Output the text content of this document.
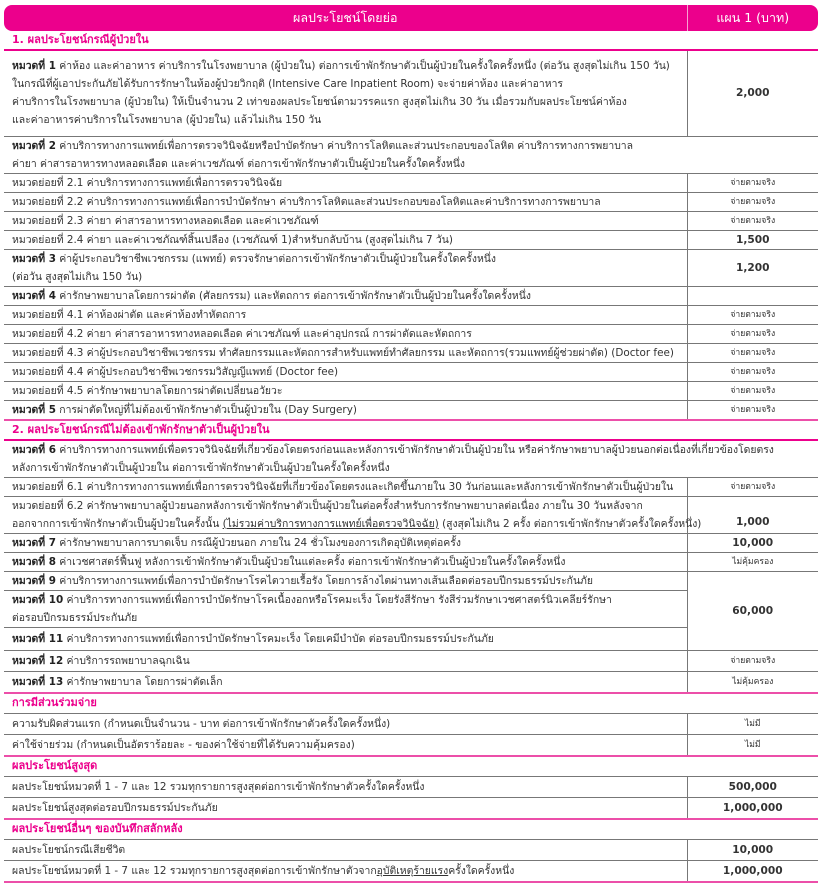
ผลประโยชน์โดยย่อ	แผน 1 (บาท)
1. ผลประโยชน์กรณีผู้ป่วยใน	
หมวดที่ 1 ค่าห้อง และค่าอาหาร ค่าบริการในโรงพยาบาล (ผู้ป่วยใน) ต่อการเข้าพักรักษาตัวเป็นผู้ป่วยในครั้งใดครั้งหนึ่ง (ต่อวัน สูงสุดไม่เกิน 150 วัน)
ในกรณีที่ผู้เอาประกันภัยได้รับการรักษาในห้องผู้ป่วยวิกฤติ (Intensive Care Inpatient Room) จะจ่ายค่าห้อง และค่าอาหาร
ค่าบริการในโรงพยาบาล (ผู้ป่วยใน) ให้เป็นจำนวน 2 เท่าของผลประโยชน์ตามวรรคแรก สูงสุดไม่เกิน 30 วัน เมื่อรวมกับผลประโยชน์ค่าห้อง
และค่าอาหารค่าบริการในโรงพยาบาล (ผู้ป่วยใน) แล้วไม่เกิน 150 วัน	2,000
หมวดที่ 2 ค่าบริการทางการแพทย์เพื่อการตรวจวินิจฉัยหรือบำบัดรักษา ค่าบริการโลหิตและส่วนประกอบของโลหิต ค่าบริการทางการพยาบาล
ค่ายา ค่าสารอาหารทางหลอดเลือด และค่าเวชภัณฑ์ ต่อการเข้าพักรักษาตัวเป็นผู้ป่วยในครั้งใดครั้งหนึ่ง	
หมวดย่อยที่ 2.1 ค่าบริการทางการแพทย์เพื่อการตรวจวินิจฉัย	จ่ายตามจริง
หมวดย่อยที่ 2.2 ค่าบริการทางการแพทย์เพื่อการบำบัดรักษา ค่าบริการโลหิตและส่วนประกอบของโลหิตและค่าบริการทางการพยาบาล	จ่ายตามจริง
หมวดย่อยที่ 2.3 ค่ายา ค่าสารอาหารทางหลอดเลือด และค่าเวชภัณฑ์	จ่ายตามจริง
หมวดย่อยที่ 2.4 ค่ายา และค่าเวชภัณฑ์สิ้นเปลือง (เวชภัณฑ์ 1)สำหรับกลับบ้าน (สูงสุดไม่เกิน 7 วัน)	1,500
หมวดที่ 3 ค่าผู้ประกอบวิชาชีพเวชกรรม (แพทย์) ตรวจรักษาต่อการเข้าพักรักษาตัวเป็นผู้ป่วยในครั้งใดครั้งหนึ่ง
(ต่อวัน สูงสุดไม่เกิน 150 วัน)	1,200
หมวดที่ 4 ค่ารักษาพยาบาลโดยการผ่าตัด (ศัลยกรรม) และหัตถการ ต่อการเข้าพักรักษาตัวเป็นผู้ป่วยในครั้งใดครั้งหนึ่ง	
หมวดย่อยที่ 4.1 ค่าห้องผ่าตัด และค่าห้องทำหัตถการ	จ่ายตามจริง
หมวดย่อยที่ 4.2 ค่ายา ค่าสารอาหารทางหลอดเลือด ค่าเวชภัณฑ์ และค่าอุปกรณ์ การผ่าตัดและหัตถการ	จ่ายตามจริง
หมวดย่อยที่ 4.3 ค่าผู้ประกอบวิชาชีพเวชกรรม ทำศัลยกรรมและหัตถการสำหรับแพทย์ทำศัลยกรรม และหัตถการ(รวมแพทย์ผู้ช่วยผ่าตัด) (Doctor fee)	จ่ายตามจริง
หมวดย่อยที่ 4.4 ค่าผู้ประกอบวิชาชีพเวชกรรมวิสัญญีแพทย์ (Doctor fee)	จ่ายตามจริง
หมวดย่อยที่ 4.5 ค่ารักษาพยาบาลโดยการผ่าตัดเปลี่ยนอวัยวะ	จ่ายตามจริง
หมวดที่ 5 การผ่าตัดใหญ่ที่ไม่ต้องเข้าพักรักษาตัวเป็นผู้ป่วยใน (Day Surgery)	จ่ายตามจริง
2. ผลประโยชน์กรณีไม่ต้องเข้าพักรักษาตัวเป็นผู้ป่วยใน	
หมวดที่ 6 ค่าบริการทางการแพทย์เพื่อตรวจวินิจฉัยที่เกี่ยวข้องโดยตรงก่อนและหลังการเข้าพักรักษาตัวเป็นผู้ป่วยใน หรือค่ารักษาพยาบาลผู้ป่วยนอกต่อเนื่องที่เกี่ยวข้องโดยตรง
หลังการเข้าพักรักษาตัวเป็นผู้ป่วยใน ต่อการเข้าพักรักษาตัวเป็นผู้ป่วยในครั้งใดครั้งหนึ่ง	
หมวดย่อยที่ 6.1 ค่าบริการทางการแพทย์เพื่อการตรวจวินิจฉัยที่เกี่ยวข้องโดยตรงและเกิดขึ้นภายใน 30 วันก่อนและหลังการเข้าพักรักษาตัวเป็นผู้ป่วยใน	จ่ายตามจริง
หมวดย่อยที่ 6.2 ค่ารักษาพยาบาลผู้ป่วยนอกหลังการเข้าพักรักษาตัวเป็นผู้ป่วยในต่อครั้งสำหรับการรักษาพยาบาลต่อเนื่อง ภายใน 30 วันหลังจาก
ออกจากการเข้าพักรักษาตัวเป็นผู้ป่วยในครั้งนั้น (ไม่รวมค่าบริการทางการแพทย์เพื่อตรวจวินิจฉัย) (สูงสุดไม่เกิน 2 ครั้ง ต่อการเข้าพักรักษาตัวครั้งใดครั้งหนึ่ง)	1,000
หมวดที่ 7 ค่ารักษาพยาบาลการบาดเจ็บ กรณีผู้ป่วยนอก ภายใน 24 ชั่วโมงของการเกิดอุบัติเหตุต่อครั้ง	10,000
หมวดที่ 8 ค่าเวชศาสตร์ฟื้นฟู หลังการเข้าพักรักษาตัวเป็นผู้ป่วยในแต่ละครั้ง ต่อการเข้าพักรักษาตัวเป็นผู้ป่วยในครั้งใดครั้งหนึ่ง	ไม่คุ้มครอง
หมวดที่ 9 ค่าบริการทางการแพทย์เพื่อการบำบัดรักษาโรคไตวายเรื้อรัง โดยการล้างไตผ่านทางเส้นเลือดต่อรอบปีกรมธรรม์ประกันภัย	60,000
หมวดที่ 10 ค่าบริการทางการแพทย์เพื่อการบำบัดรักษาโรคเนื้องอกหรือโรคมะเร็ง โดยรังสีรักษา รังสีร่วมรักษาเวชศาสตร์นิวเคลียร์รักษา
ต่อรอบปีกรมธรรม์ประกันภัย	
หมวดที่ 11 ค่าบริการทางการแพทย์เพื่อการบำบัดรักษาโรคมะเร็ง โดยเคมีบำบัด ต่อรอบปีกรมธรรม์ประกันภัย	
หมวดที่ 12 ค่าบริการรถพยาบาลฉุกเฉิน	จ่ายตามจริง
หมวดที่ 13 ค่ารักษาพยาบาล โดยการผ่าตัดเล็ก	ไม่คุ้มครอง
การมีส่วนร่วมจ่าย	
ความรับผิดส่วนแรก (กำหนดเป็นจำนวน - บาท ต่อการเข้าพักรักษาตัวครั้งใดครั้งหนึ่ง)	ไม่มี
ค่าใช้จ่ายร่วม (กำหนดเป็นอัตราร้อยละ - ของค่าใช้จ่ายที่ได้รับความคุ้มครอง)	ไม่มี
ผลประโยชน์สูงสุด	
ผลประโยชน์หมวดที่ 1 - 7 และ 12 รวมทุกรายการสูงสุดต่อการเข้าพักรักษาตัวครั้งใดครั้งหนึ่ง	500,000
ผลประโยชน์สูงสุดต่อรอบปีกรมธรรม์ประกันภัย	1,000,000
ผลประโยชน์อื่นๆ ของบันทึกสลักหลัง	
ผลประโยชน์กรณีเสียชีวิต	10,000
ผลประโยชน์หมวดที่ 1 - 7 และ 12 รวมทุกรายการสูงสุดต่อการเข้าพักรักษาตัวจากอุบัติเหตุร้ายแรงครั้งใดครั้งหนึ่ง	1,000,000
